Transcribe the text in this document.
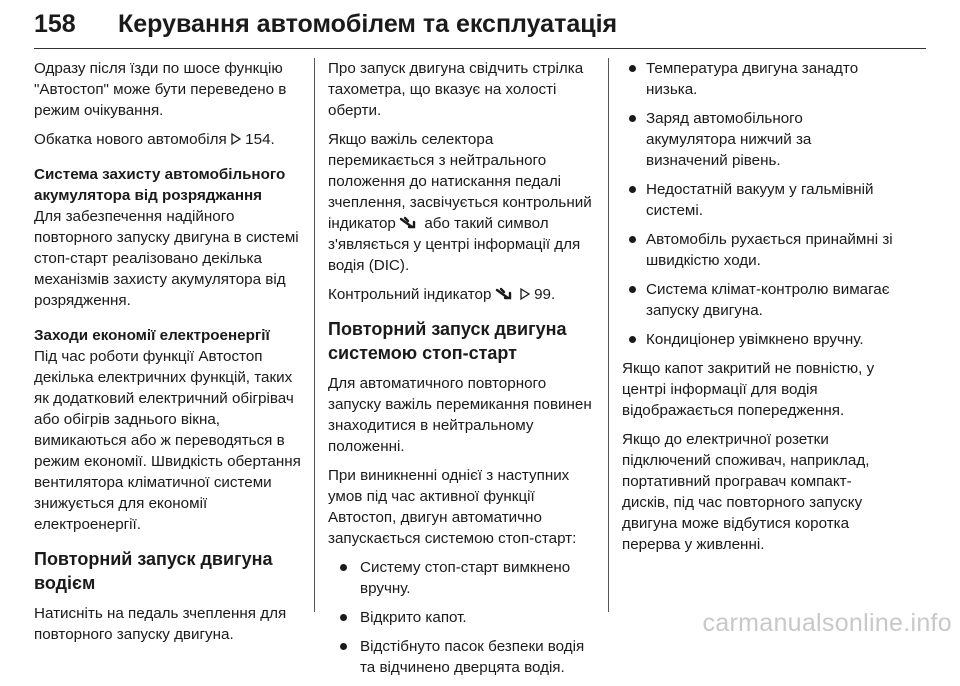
158 Керування автомобілем та експлуатація

Одразу після їзди по шосе функцію "Автостоп" може бути переведено в режим очікування.

Обкатка нового автомобіля  154.

Система захисту автомобільного акумулятора від розряджання

Для забезпечення надійного повторного запуску двигуна в системі стоп-старт реалізовано декілька механізмів захисту акумулятора від розрядження.

Заходи економії електроенергії

Під час роботи функції Автостоп декілька електричних функцій, таких як додатковий електричний обігрівач або обігрів заднього вікна, вимикаються або ж переводяться в режим економії. Швидкість обертання вентилятора кліматичної системи знижується для економії електроенергії.

Повторний запуск двигуна водієм

Натисніть на педаль зчеплення для повторного запуску двигуна.

Про запуск двигуна свідчить стрілка тахометра, що вказує на холості оберти.

Якщо важіль селектора перемикається з нейтрального положення до натискання педалі зчеплення, засвічується контрольний індикатор  або такий символ з'являється у центрі інформації для водія (DIC).

Контрольний індикатор	99.

Повторний запуск двигуна системою стоп-старт

Для автоматичного повторного запуску важіль перемикання повинен знаходитися в нейтральному положенні.

При виникненні однієї з наступних умов під час активної функції Автостоп, двигун автоматично запускається системою стоп-старт:

Систему стоп-старт вимкнено вручну.
Відкрито капот.
Відстібнуто пасок безпеки водія та відчинено дверцята водія.
Температура двигуна занадто низька.
Заряд автомобільного акумулятора нижчий за визначений рівень.
Недостатній вакуум у гальмівній системі.
Автомобіль рухається принаймні зі швидкістю ходи.
Система клімат-контролю вимагає запуску двигуна.
Кондиціонер увімкнено вручну.

Якщо капот закритий не повністю, у центрі інформації для водія відображається попередження.

Якщо до електричної розетки підключений споживач, наприклад, портативний програвач компакт-дисків, під час повторного запуску двигуна може відбутися коротка перерва у живленні.

carmanualsonline.info
